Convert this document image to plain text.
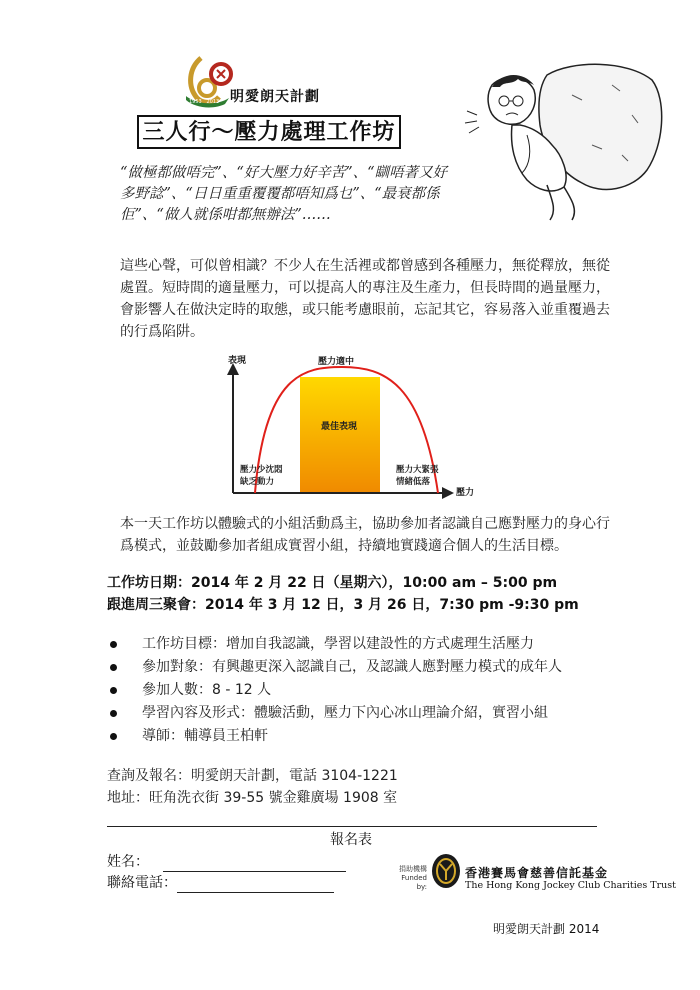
1953   2013 明愛朗天計劃
三人行～壓力處理工作坊
“做極都做唔完”、“好大壓力好辛苦”、“瞓唔著又好多野諗”、“日日重重覆覆都唔知爲乜”、“最衰都係佢”、“做人就係咁都無辦法”……
這些心聲，可似曾相識？不少人在生活裡或都曾感到各種壓力，無從釋放，無從處置。短時間的適量壓力，可以提高人的專注及生產力，但長時間的過量壓力，會影響人在做決定時的取態，或只能考慮眼前，忘記其它，容易落入並重覆過去的行爲陷阱。
表現
壓力
壓力適中
最佳表現
壓力少沈悶
缺乏動力
壓力大緊張
情緒低落
本一天工作坊以體驗式的小組活動爲主，協助參加者認識自己應對壓力的身心行爲模式，並鼓勵參加者組成實習小組，持續地實踐適合個人的生活目標。
工作坊日期：2014 年 2 月 22 日（星期六），10:00 am – 5:00 pm
跟進周三聚會：2014 年 3 月 12 日，3 月 26 日，7:30 pm -9:30 pm
工作坊目標：增加自我認識，學習以建設性的方式處理生活壓力
參加對象：有興趣更深入認識自己，及認識人應對壓力模式的成年人
參加人數：8 - 12 人
學習內容及形式：體驗活動，壓力下內心冰山理論介紹，實習小組
導師：輔導員王柏軒
查詢及報名：明愛朗天計劃，電話 3104-1221
地址：旺角洗衣街 39-55 號金雞廣場 1908 室
報名表
姓名：
聯絡電話：
捐助機構
Funded by:
香港賽馬會慈善信託基金
The Hong Kong Jockey Club Charities Trust
明愛朗天計劃 2014
